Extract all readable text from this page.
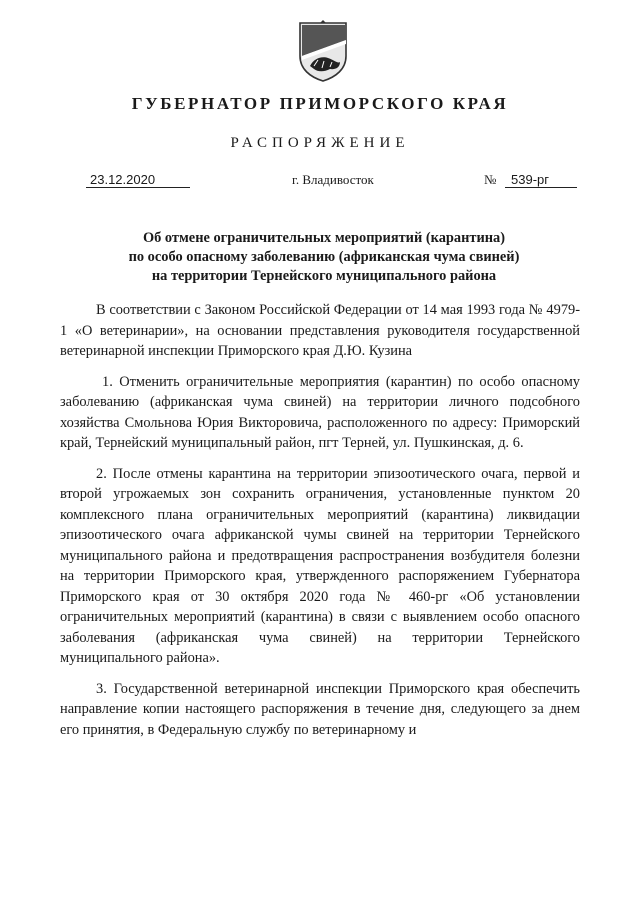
ГУБЕРНАТОР ПРИМОРСКОГО КРАЯ
РАСПОРЯЖЕНИЕ
23.12.2020	г. Владивосток	№ 539-рг
Об отмене ограничительных мероприятий (карантина)
по особо опасному заболеванию (африканская чума свиней)
на территории Тернейского муниципального района

В соответствии с Законом Российской Федерации от 14 мая 1993 года № 4979-1 «О ветеринарии», на основании представления руководителя государственной ветеринарной инспекции Приморского края Д.Ю. Кузина

1. Отменить ограничительные мероприятия (карантин) по особо опасному заболеванию (африканская чума свиней) на территории личного подсобного хозяйства Смольнова Юрия Викторовича, расположенного по адресу: Приморский край, Тернейский муниципальный район, пгт Терней, ул. Пушкинская, д. 6.

2. После отмены карантина на территории эпизоотического очага, первой и второй угрожаемых зон сохранить ограничения, установленные пунктом 20 комплексного плана ограничительных мероприятий (карантина) ликвидации эпизоотического очага африканской чумы свиней на территории Тернейского муниципального района и предотвращения распространения возбудителя болезни на территории Приморского края, утвержденного распоряжением Губернатора Приморского края от 30 октября 2020 года № 460-рг «Об установлении ограничительных мероприятий (карантина) в связи с выявлением особо опасного заболевания (африканская чума свиней) на территории Тернейского муниципального района».

3. Государственной ветеринарной инспекции Приморского края обеспечить направление копии настоящего распоряжения в течение дня, следующего за днем его принятия, в Федеральную службу по ветеринарному и
